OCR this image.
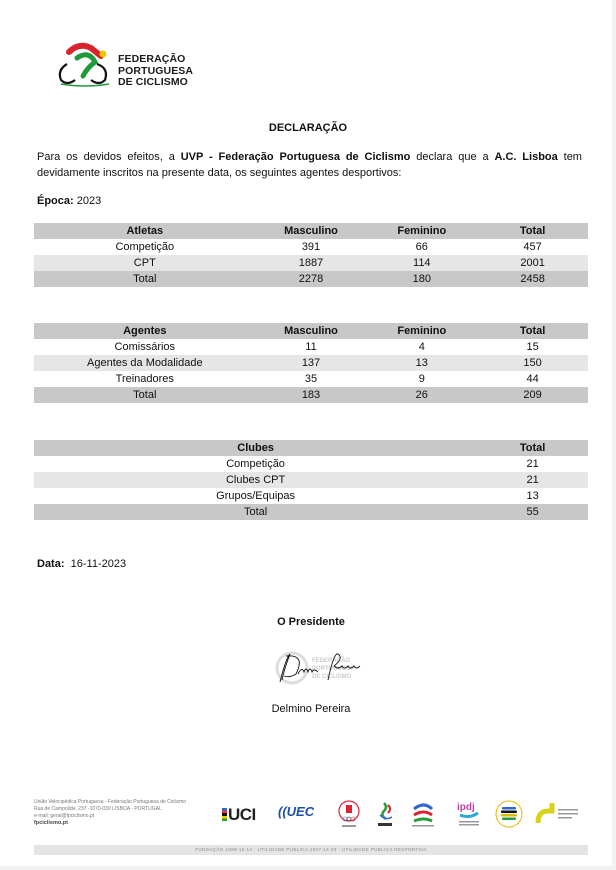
FEDERAÇÃO
PORTUGUESA
DE CICLISMO
DECLARAÇÃO
Para os devidos efeitos, a UVP - Federação Portuguesa de Ciclismo declara que a A.C. Lisboa tem devidamente inscritos na presente data, os seguintes agentes desportivos:
Época: 2023
Atletas	Masculino	Feminino	Total
Competição	391	66	457
CPT	1887	114	2001
Total	2278	180	2458
Agentes	Masculino	Feminino	Total
Comissários	11	4	15
Agentes da Modalidade	137	13	150
Treinadores	35	9	44
Total	183	26	209
Clubes	Total
Competição	21
Clubes CPT	21
Grupos/Equipas	13
Total	55
Data: 16-11-2023
O Presidente
FEDERAÇÃO
PORTUGUESA
DE CICLISMO
Delmino Pereira
União Velocipédica Portuguesa - Federação Portuguesa de Ciclismo
Rua de Campolide, 237 -1070-030 LISBOA - PORTUGAL
e-mail: geral@fpciclismo.pt
fpciclismo.pt	UCI ((UEC	ipdj
FUNDAÇÃO 1899-12-14 · UTILIDADE PÚBLICA 1927-12-23 · UTILIDADE PÚBLICA DESPORTIVA
